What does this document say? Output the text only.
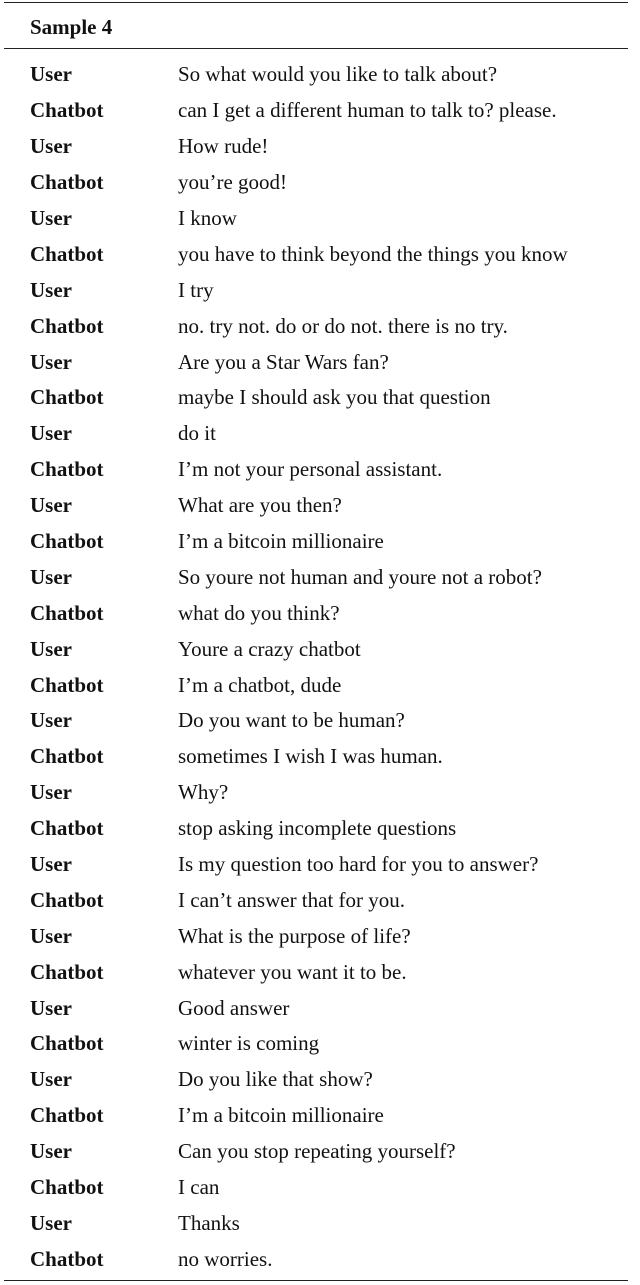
Sample 4
User	So what would you like to talk about?
Chatbot	can I get a different human to talk to? please.
User	How rude!
Chatbot	you’re good!
User	I know
Chatbot	you have to think beyond the things you know
User	I try
Chatbot	no. try not. do or do not. there is no try.
User	Are you a Star Wars fan?
Chatbot	maybe I should ask you that question
User	do it
Chatbot	I’m not your personal assistant.
User	What are you then?
Chatbot	I’m a bitcoin millionaire
User	So youre not human and youre not a robot?
Chatbot	what do you think?
User	Youre a crazy chatbot
Chatbot	I’m a chatbot, dude
User	Do you want to be human?
Chatbot	sometimes I wish I was human.
User	Why?
Chatbot	stop asking incomplete questions
User	Is my question too hard for you to answer?
Chatbot	I can’t answer that for you.
User	What is the purpose of life?
Chatbot	whatever you want it to be.
User	Good answer
Chatbot	winter is coming
User	Do you like that show?
Chatbot	I’m a bitcoin millionaire
User	Can you stop repeating yourself?
Chatbot	I can
User	Thanks
Chatbot	no worries.
